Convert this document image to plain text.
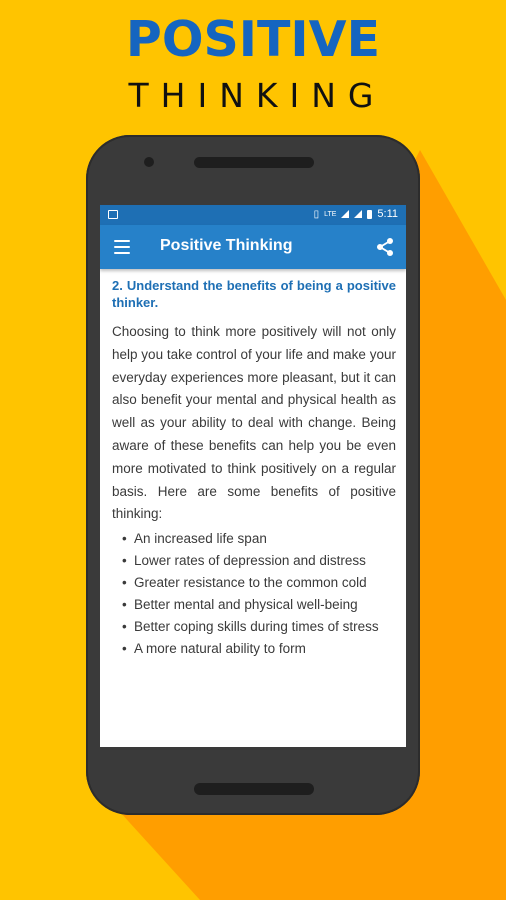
POSITIVE
THINKING
▯ LTE	5:11
Positive Thinking

2. Understand the benefits of being a positive thinker.

Choosing to think more positively will not only help you take control of your life and make your everyday experiences more pleasant, but it can also benefit your mental and physical health as well as your ability to deal with change. Being aware of these benefits can help you be even more motivated to think positively on a regular basis. Here are some benefits of positive thinking:

• An increased life span
• Lower rates of depression and distress
• Greater resistance to the common cold
• Better mental and physical well-being
• Better coping skills during times of stress
• A more natural ability to form
